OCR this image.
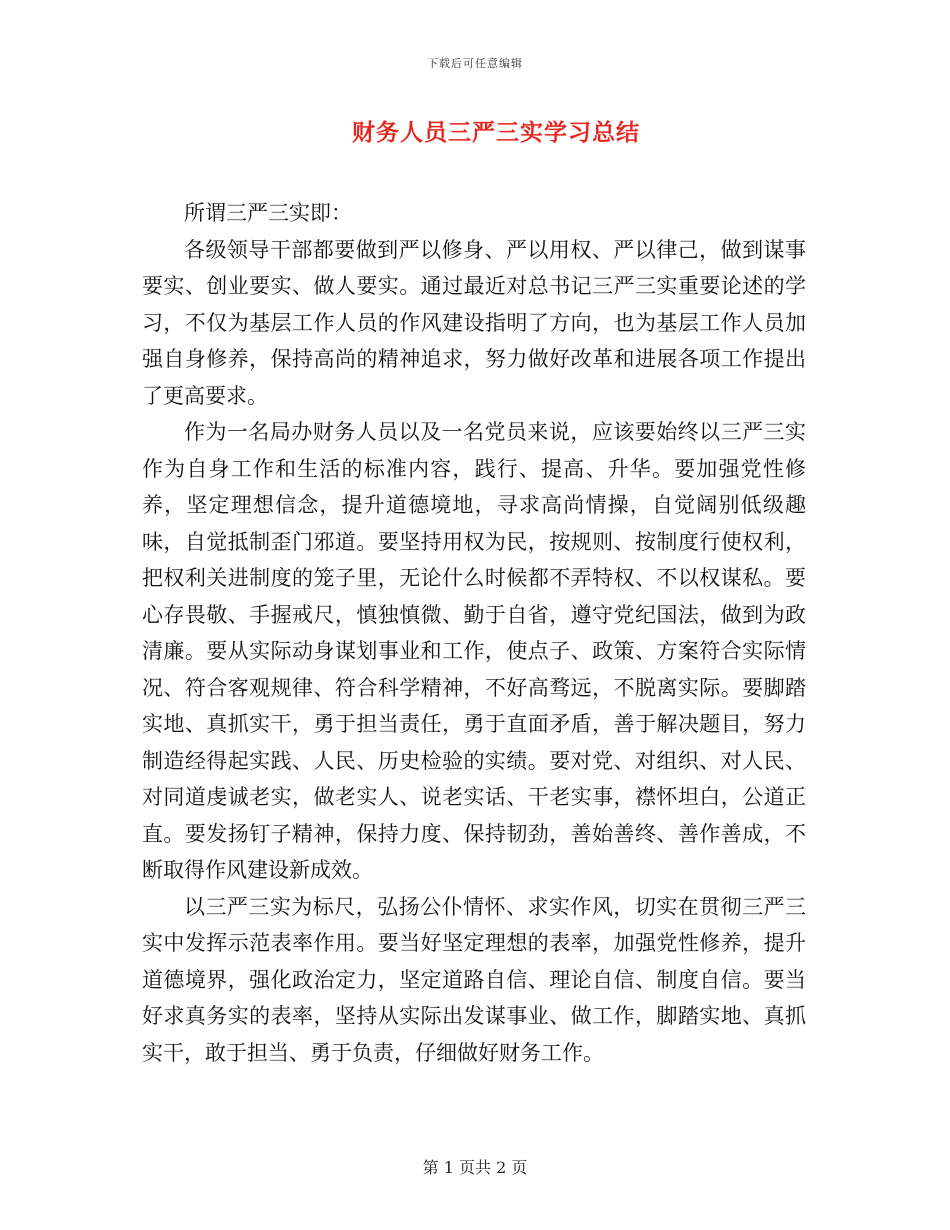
下载后可任意编辑
财务人员三严三实学习总结

所谓三严三实即：

各级领导干部都要做到严以修身、严以用权、严以律己，做到谋事要实、创业要实、做人要实。通过最近对总书记三严三实重要论述的学习，不仅为基层工作人员的作风建设指明了方向，也为基层工作人员加强自身修养，保持高尚的精神追求，努力做好改革和进展各项工作提出了更高要求。

作为一名局办财务人员以及一名党员来说，应该要始终以三严三实作为自身工作和生活的标准内容，践行、提高、升华。要加强党性修养，坚定理想信念，提升道德境地，寻求高尚情操，自觉阔别低级趣味，自觉抵制歪门邪道。要坚持用权为民，按规则、按制度行使权利，把权利关进制度的笼子里，无论什么时候都不弄特权、不以权谋私。要心存畏敬、手握戒尺，慎独慎微、勤于自省，遵守党纪国法，做到为政清廉。要从实际动身谋划事业和工作，使点子、政策、方案符合实际情况、符合客观规律、符合科学精神，不好高骛远，不脱离实际。要脚踏实地、真抓实干，勇于担当责任，勇于直面矛盾，善于解决题目，努力制造经得起实践、人民、历史检验的实绩。要对党、对组织、对人民、对同道虔诚老实，做老实人、说老实话、干老实事，襟怀坦白，公道正直。要发扬钉子精神，保持力度、保持韧劲，善始善终、善作善成，不断取得作风建设新成效。

以三严三实为标尺，弘扬公仆情怀、求实作风，切实在贯彻三严三实中发挥示范表率作用。要当好坚定理想的表率，加强党性修养，提升道德境界，强化政治定力，坚定道路自信、理论自信、制度自信。要当好求真务实的表率，坚持从实际出发谋事业、做工作，脚踏实地、真抓实干，敢于担当、勇于负责，仔细做好财务工作。

第 1 页共 2 页
